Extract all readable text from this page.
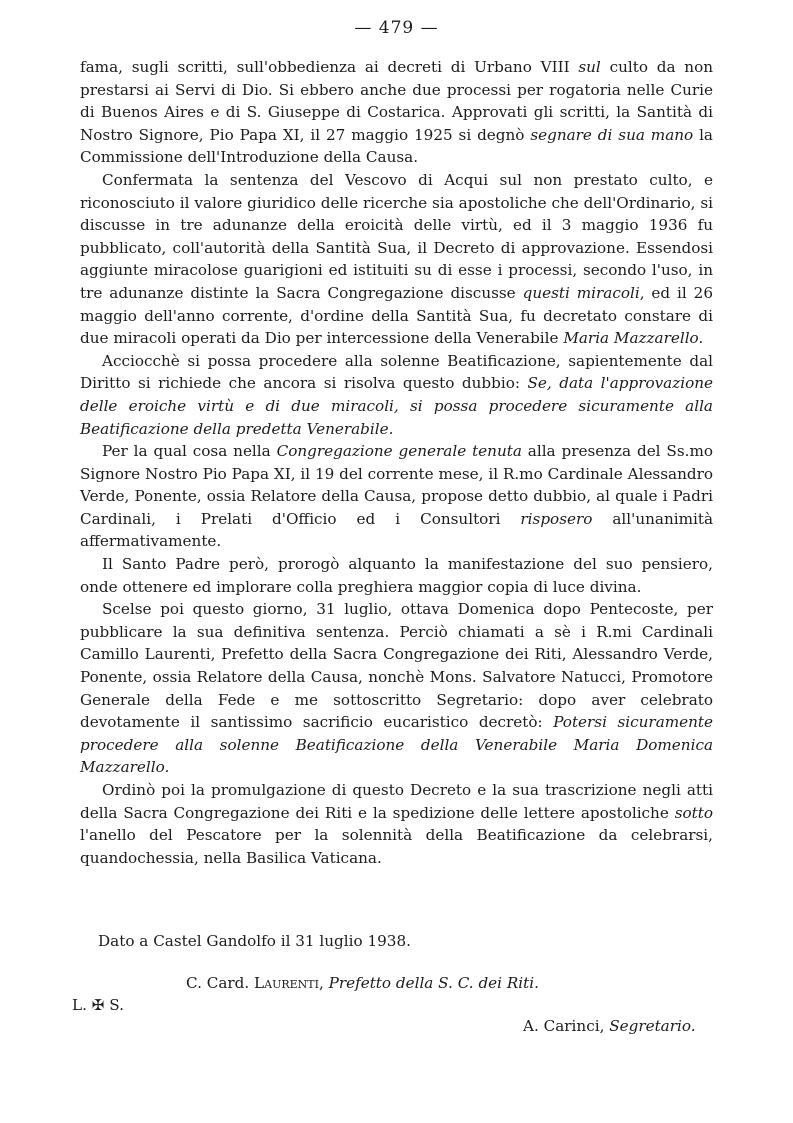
— 479 —

fama, sugli scritti, sull'obbedienza ai decreti di Urbano VIII sul culto da non prestarsi ai Servi di Dio. Si ebbero anche due processi per rogatoria nelle Curie di Buenos Aires e di S. Giuseppe di Costarica. Approvati gli scritti, la Santità di Nostro Signore, Pio Papa XI, il 27 maggio 1925 si degnò segnare di sua mano la Commissione dell'Introduzione della Causa.

Confermata la sentenza del Vescovo di Acqui sul non prestato culto, e riconosciuto il valore giuridico delle ricerche sia apostoliche che dell'Ordinario, si discusse in tre adunanze della eroicità delle virtù, ed il 3 maggio 1936 fu pubblicato, coll'autorità della Santità Sua, il Decreto di approvazione. Essendosi aggiunte miracolose guarigioni ed istituiti su di esse i processi, secondo l'uso, in tre adunanze distinte la Sacra Congregazione discusse questi miracoli, ed il 26 maggio dell'anno corrente, d'ordine della Santità Sua, fu decretato constare di due miracoli operati da Dio per intercessione della Venerabile Maria Mazzarello.

Acciocchè si possa procedere alla solenne Beatificazione, sapientemente dal Diritto si richiede che ancora si risolva questo dubbio: Se, data l'approvazione delle eroiche virtù e di due miracoli, si possa procedere sicuramente alla Beatificazione della predetta Venerabile.

Per la qual cosa nella Congregazione generale tenuta alla presenza del Ss.mo Signore Nostro Pio Papa XI, il 19 del corrente mese, il R.mo Cardinale Alessandro Verde, Ponente, ossia Relatore della Causa, propose detto dubbio, al quale i Padri Cardinali, i Prelati d'Officio ed i Consultori risposero all'unanimità affermativamente.

Il Santo Padre però, prorogò alquanto la manifestazione del suo pensiero, onde ottenere ed implorare colla preghiera maggior copia di luce divina.

Scelse poi questo giorno, 31 luglio, ottava Domenica dopo Pentecoste, per pubblicare la sua definitiva sentenza. Perciò chiamati a sè i R.mi Cardinali Camillo Laurenti, Prefetto della Sacra Congregazione dei Riti, Alessandro Verde, Ponente, ossia Relatore della Causa, nonchè Mons. Salvatore Natucci, Promotore Generale della Fede e me sottoscritto Segretario: dopo aver celebrato devotamente il santissimo sacrificio eucaristico decretò: Potersi sicuramente procedere alla solenne Beatificazione della Venerabile Maria Domenica Mazzarello.

Ordinò poi la promulgazione di questo Decreto e la sua trascrizione negli atti della Sacra Congregazione dei Riti e la spedizione delle lettere apostoliche sotto l'anello del Pescatore per la solennità della Beatificazione da celebrarsi, quandochessia, nella Basilica Vaticana.

Dato a Castel Gandolfo il 31 luglio 1938.
C. Card. Laurenti, Prefetto della S. C. dei Riti.
L. ✠ S.
A. Carinci, Segretario.
